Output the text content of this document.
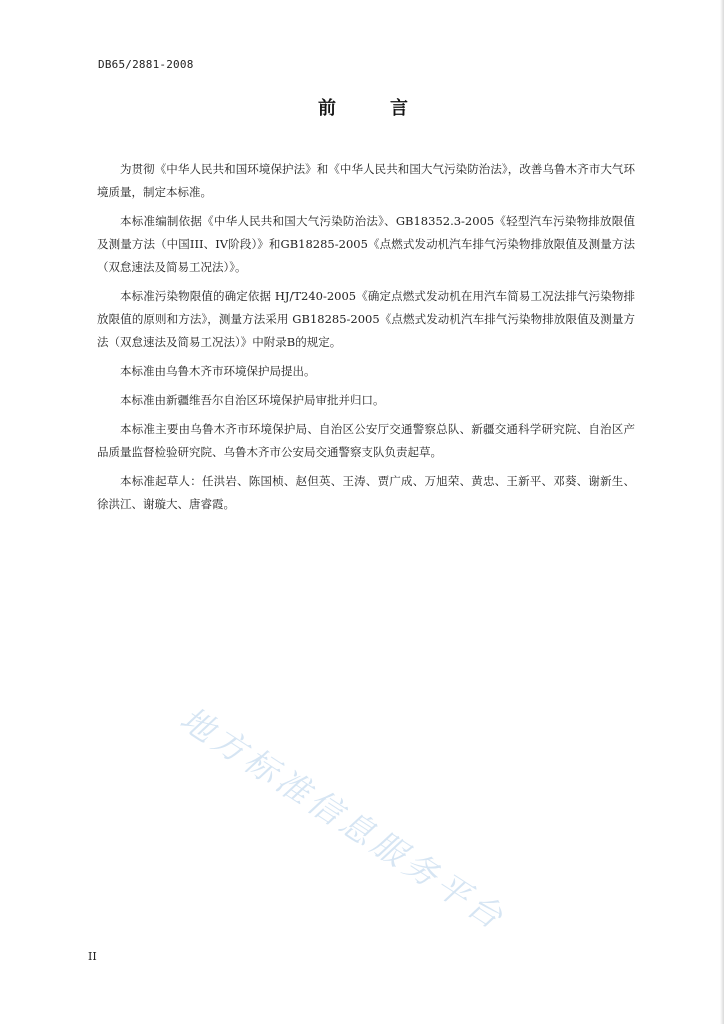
DB65/2881-2008
前	言

为贯彻《中华人民共和国环境保护法》和《中华人民共和国大气污染防治法》，改善乌鲁木齐市大气环境质量，制定本标准。

本标准编制依据《中华人民共和国大气污染防治法》、GB18352.3-2005《轻型汽车污染物排放限值及测量方法（中国III、IV阶段）》和GB18285-2005《点燃式发动机汽车排气污染物排放限值及测量方法（双怠速法及简易工况法）》。

本标准污染物限值的确定依据 HJ/T240-2005《确定点燃式发动机在用汽车简易工况法排气污染物排放限值的原则和方法》，测量方法采用 GB18285-2005《点燃式发动机汽车排气污染物排放限值及测量方法（双怠速法及简易工况法）》中附录B的规定。

本标准由乌鲁木齐市环境保护局提出。

本标准由新疆维吾尔自治区环境保护局审批并归口。

本标准主要由乌鲁木齐市环境保护局、自治区公安厅交通警察总队、新疆交通科学研究院、自治区产品质量监督检验研究院、乌鲁木齐市公安局交通警察支队负责起草。

本标准起草人：任洪岩、陈国桢、赵但英、王涛、贾广成、万旭荣、黄忠、王新平、邓葵、谢新生、徐洪江、谢璇大、唐睿霞。

地方标准信息服务平台
II
